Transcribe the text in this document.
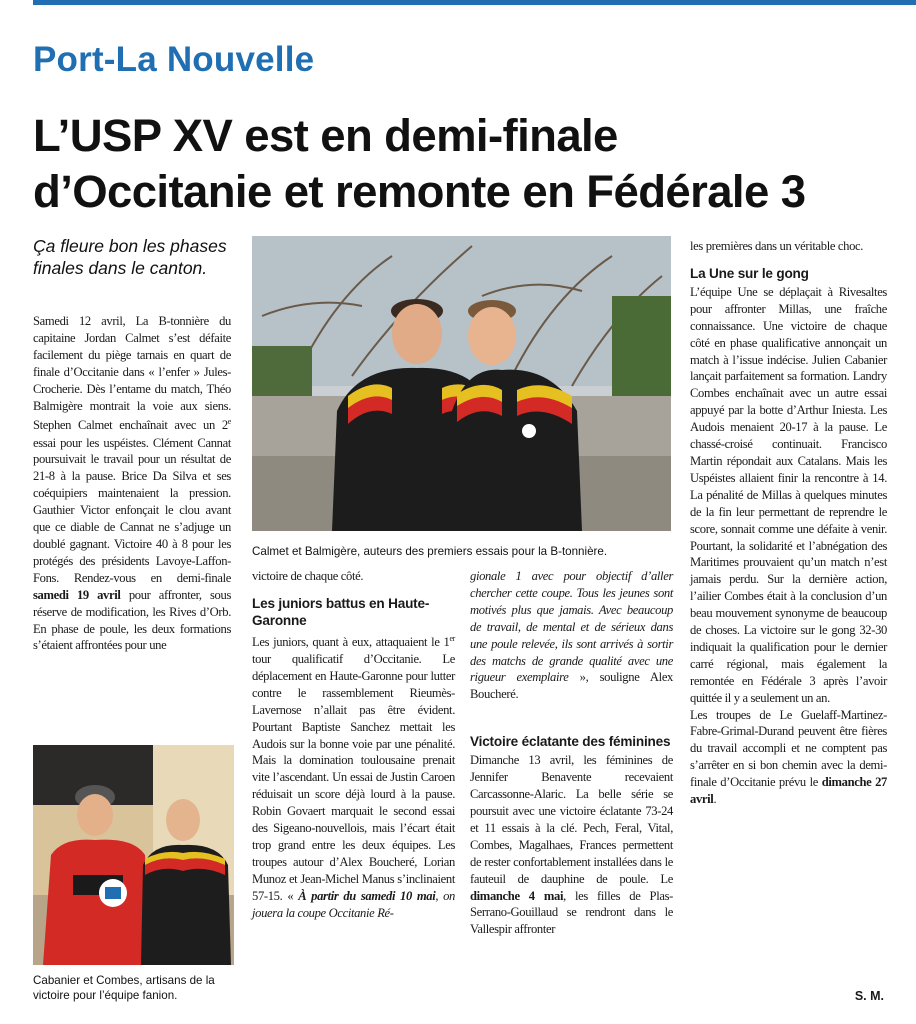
Port-La Nouvelle
L’USP XV est en demi-finale
d’Occitanie et remonte en Fédérale 3
Ça fleure bon les phases finales dans le canton.

Samedi 12 avril, La B-tonnière du capitaine Jordan Calmet s’est défaite facilement du piège tarnais en quart de finale d’Occitanie dans « l’enfer » Jules-Crocherie. Dès l’entame du match, Théo Balmigère montrait la voie aux siens. Stephen Calmet enchaînait avec un 2e essai pour les uspéistes. Clément Cannat poursuivait le travail pour un résultat de 21-8 à la pause. Brice Da Silva et ses coéquipiers maintenaient la pression. Gauthier Victor enfonçait le clou avant que ce diable de Cannat ne s’adjuge un doublé gagnant. Victoire 40 à 8 pour les protégés des présidents Lavoye-Laffon-Fons. Rendez-vous en demi-finale samedi 19 avril pour affronter, sous réserve de modification, les Rives d’Orb. En phase de poule, les deux formations s’étaient affrontées pour une

Cabanier et Combes, artisans de la victoire pour l’équipe fanion.
Calmet et Balmigère, auteurs des premiers essais pour la B-tonnière.

victoire de chaque côté.

Les juniors battus en Haute-Garonne

Les juniors, quant à eux, attaquaient le 1er tour qualificatif d’Occitanie. Le déplacement en Haute-Garonne pour lutter contre le rassemblement Rieumès-Lavernose n’allait pas être évident. Pourtant Baptiste Sanchez mettait les Audois sur la bonne voie par une pénalité. Mais la domination toulousaine prenait vite l’ascendant. Un essai de Justin Caroen réduisait un score déjà lourd à la pause. Robin Govaert marquait le second essai des Sigeano-nouvellois, mais l’écart était trop grand entre les deux équipes. Les troupes autour d’Alex Boucheré, Lorian Munoz et Jean-Michel Manus s’inclinaient 57-15. « À partir du samedi 10 mai, on jouera la coupe Occitanie Ré-

gionale 1 avec pour objectif d’aller chercher cette coupe. Tous les jeunes sont motivés plus que jamais. Avec beaucoup de travail, de mental et de sérieux dans une poule relevée, ils sont arrivés à sortir des matchs de grande qualité avec une rigueur exemplaire », souligne Alex Boucheré.

Victoire éclatante des féminines

Dimanche 13 avril, les féminines de Jennifer Benavente recevaient Carcassonne-Alaric. La belle série se poursuit avec une victoire éclatante 73-24 et 11 essais à la clé. Pech, Feral, Vital, Combes, Magalhaes, Frances permettent de rester confortablement installées dans le fauteuil de dauphine de poule. Le dimanche 4 mai, les filles de Plas-Serrano-Gouillaud se rendront dans le Vallespir affronter

les premières dans un véritable choc.

La Une sur le gong

L’équipe Une se déplaçait à Rivesaltes pour affronter Millas, une fraîche connaissance. Une victoire de chaque côté en phase qualificative annonçait un match à l’issue indécise. Julien Cabanier lançait parfaitement sa formation. Landry Combes enchaînait avec un autre essai appuyé par la botte d’Arthur Iniesta. Les Audois menaient 20-17 à la pause. Le chassé-croisé continuait. Francisco Martin répondait aux Catalans. Mais les Uspéistes allaient finir la rencontre à 14. La pénalité de Millas à quelques minutes de la fin leur permettant de reprendre le score, sonnait comme une défaite à venir. Pourtant, la solidarité et l’abnégation des Maritimes prouvaient qu’un match n’est jamais perdu. Sur la dernière action, l’ailier Combes était à la conclusion d’un beau mouvement synonyme de beaucoup de choses. La victoire sur le gong 32-30 indiquait la qualification pour le dernier carré régional, mais également la remontée en Fédérale 3 après l’avoir quittée il y a seulement un an.

Les troupes de Le Guelaff-Martinez-Fabre-Grimal-Durand peuvent être fières du travail accompli et ne comptent pas s’arrêter en si bon chemin avec la demi-finale d’Occitanie prévu le dimanche 27 avril.

S. M.
